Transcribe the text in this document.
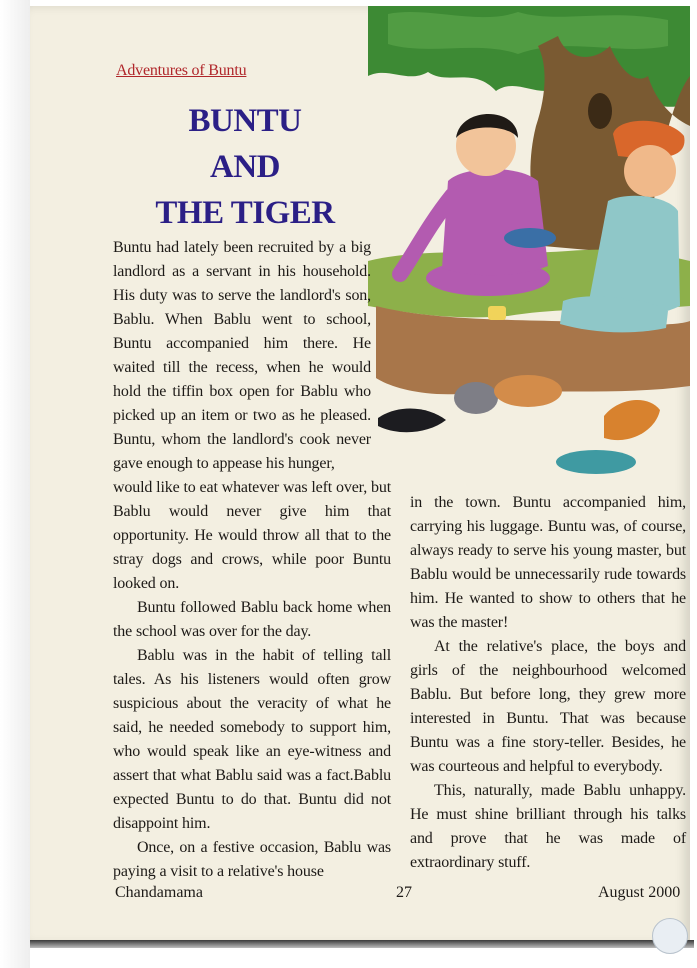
Adventures of Buntu
BUNTU
AND
THE TIGER

Buntu had lately been recruited by a big landlord as a servant in his household. His duty was to serve the landlord's son, Bablu. When Bablu went to school, Buntu accompanied him there. He waited till the recess, when he would hold the tiffin box open for Bablu who picked up an item or two as he pleased. Buntu, whom the landlord's cook never gave enough to appease his hunger,

would like to eat whatever was left over, but Bablu would never give him that opportunity. He would throw all that to the stray dogs and crows, while poor Buntu looked on.

Buntu followed Bablu back home when the school was over for the day.

Bablu was in the habit of telling tall tales. As his listeners would often grow suspicious about the veracity of what he said, he needed somebody to support him, who would speak like an eye-witness and assert that what Bablu said was a fact.Bablu expected Buntu to do that. Buntu did not disappoint him.

Once, on a festive occasion, Bablu was paying a visit to a relative's house

in the town. Buntu accompanied him, carrying his luggage. Buntu was, of course, always ready to serve his young master, but Bablu would be unnecessarily rude towards him. He wanted to show to others that he was the master!

At the relative's place, the boys and girls of the neighbourhood welcomed Bablu. But before long, they grew more interested in Buntu. That was because Buntu was a fine story-teller. Besides, he was courteous and helpful to everybody.

This, naturally, made Bablu unhappy. He must shine brilliant through his talks and prove that he was made of extraordinary stuff.

Chandamama	27	August 2000
